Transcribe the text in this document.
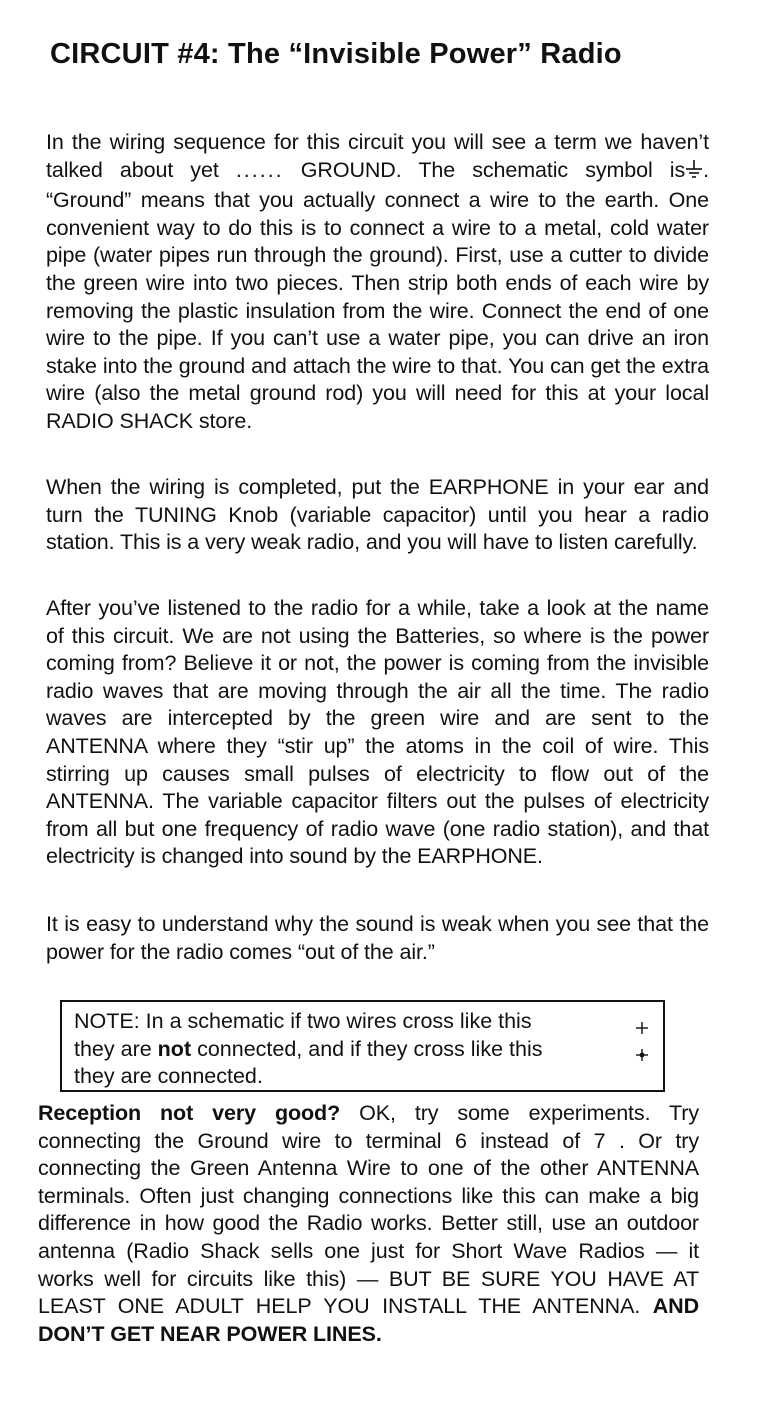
CIRCUIT #4: The “Invisible Power” Radio

In the wiring sequence for this circuit you will see a term we haven’t talked about yet ...... GROUND. The schematic symbol is . “Ground” means that you actually connect a wire to the earth. One convenient way to do this is to connect a wire to a metal, cold water pipe (water pipes run through the ground). First, use a cutter to divide the green wire into two pieces. Then strip both ends of each wire by removing the plastic insulation from the wire. Connect the end of one wire to the pipe. If you can’t use a water pipe, you can drive an iron stake into the ground and attach the wire to that. You can get the extra wire (also the metal ground rod) you will need for this at your local RADIO SHACK store.

When the wiring is completed, put the EARPHONE in your ear and turn the TUNING Knob (variable capacitor) until you hear a radio station. This is a very weak radio, and you will have to listen carefully.

After you’ve listened to the radio for a while, take a look at the name of this circuit. We are not using the Batteries, so where is the power coming from? Believe it or not, the power is coming from the invisible radio waves that are moving through the air all the time. The radio waves are intercepted by the green wire and are sent to the ANTENNA where they “stir up” the atoms in the coil of wire. This stirring up causes small pulses of electricity to flow out of the ANTENNA. The variable capacitor filters out the pulses of electricity from all but one frequency of radio wave (one radio station), and that electricity is changed into sound by the EARPHONE.

It is easy to understand why the sound is weak when you see that the power for the radio comes “out of the air.”

NOTE: In a schematic if two wires cross like this
they are not connected, and if they cross like this
they are connected.

Reception not very good? OK, try some experiments. Try connecting the Ground wire to terminal 6 instead of 7 . Or try connecting the Green Antenna Wire to one of the other ANTENNA terminals. Often just changing connections like this can make a big difference in how good the Radio works. Better still, use an outdoor antenna (Radio Shack sells one just for Short Wave Radios — it works well for circuits like this) — BUT BE SURE YOU HAVE AT LEAST ONE ADULT HELP YOU INSTALL THE ANTENNA. AND DON’T GET NEAR POWER LINES.
